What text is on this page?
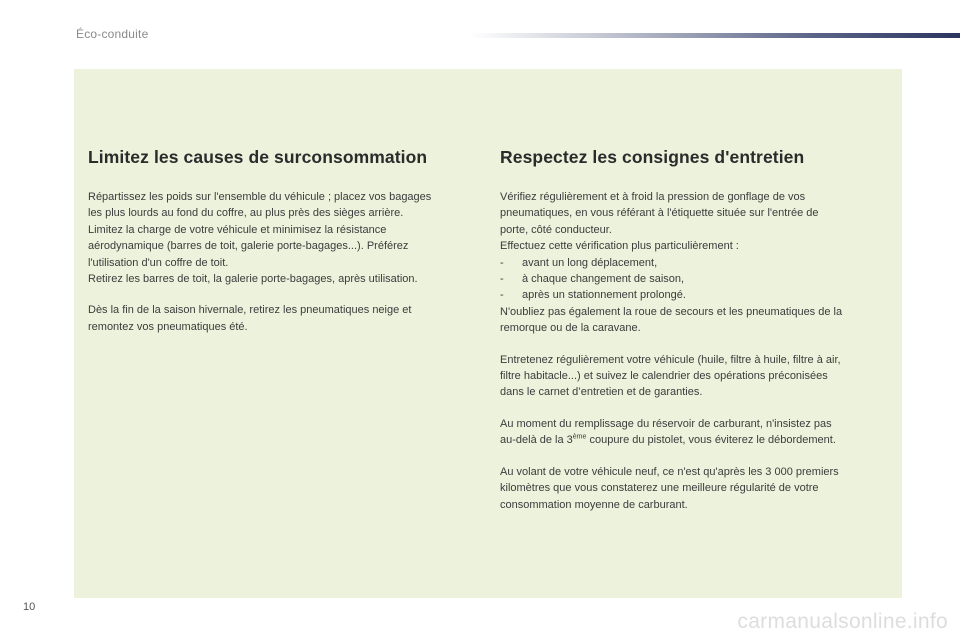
Éco-conduite
Limitez les causes de surconsommation

Répartissez les poids sur l'ensemble du véhicule ; placez vos bagages
les plus lourds au fond du coffre, au plus près des sièges arrière.
Limitez la charge de votre véhicule et minimisez la résistance
aérodynamique (barres de toit, galerie porte-bagages...). Préférez
l'utilisation d'un coffre de toit.
Retirez les barres de toit, la galerie porte-bagages, après utilisation.

Dès la fin de la saison hivernale, retirez les pneumatiques neige et
remontez vos pneumatiques été.

Respectez les consignes d'entretien

Vérifiez régulièrement et à froid la pression de gonflage de vos
pneumatiques, en vous référant à l'étiquette située sur l'entrée de
porte, côté conducteur.
Effectuez cette vérification plus particulièrement :
- avant un long déplacement,
- à chaque changement de saison,
- après un stationnement prolongé.
N'oubliez pas également la roue de secours et les pneumatiques de la
remorque ou de la caravane.

Entretenez régulièrement votre véhicule (huile, filtre à huile, filtre à air,
filtre habitacle...) et suivez le calendrier des opérations préconisées
dans le carnet d’entretien et de garanties.

Au moment du remplissage du réservoir de carburant, n'insistez pas
au-delà de la 3ème coupure du pistolet, vous éviterez le débordement.

Au volant de votre véhicule neuf, ce n'est qu'après les 3 000 premiers
kilomètres que vous constaterez une meilleure régularité de votre
consommation moyenne de carburant.

10
carmanualsonline.info
